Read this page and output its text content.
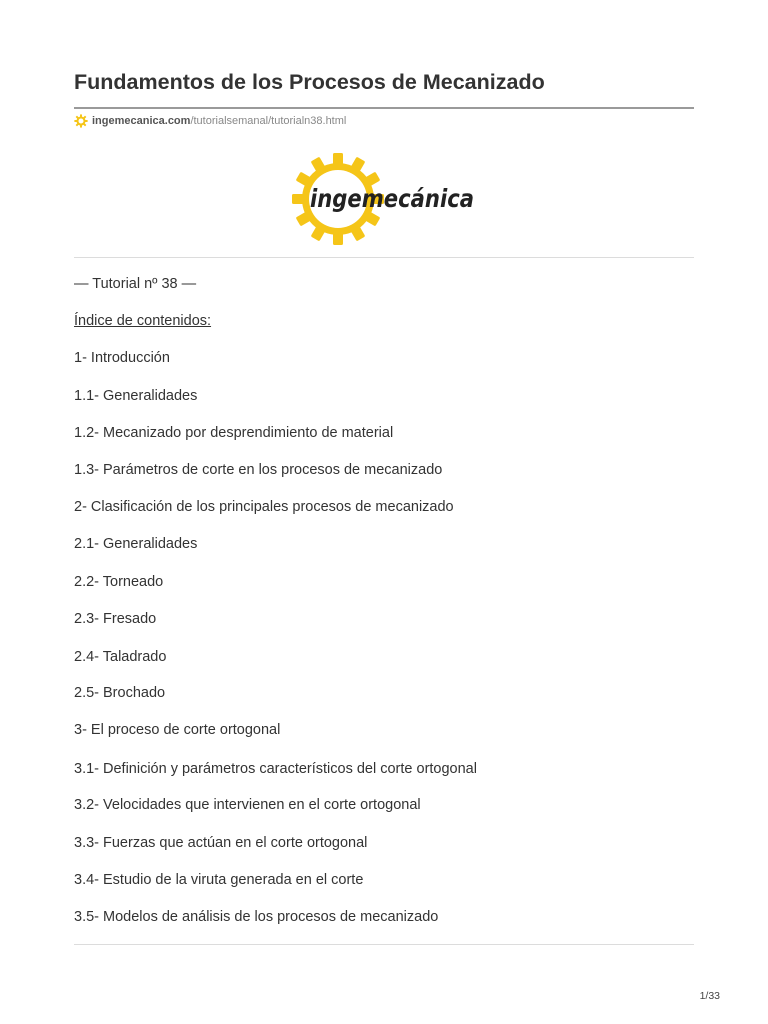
Fundamentos de los Procesos de Mecanizado
ingemecanica.com /tutorialsemanal/tutorialn38.html
ingemecánica
— Tutorial nº 38 —
Índice de contenidos:
1- Introducción
1.1- Generalidades
1.2- Mecanizado por desprendimiento de material
1.3- Parámetros de corte en los procesos de mecanizado
2- Clasificación de los principales procesos de mecanizado
2.1- Generalidades
2.2- Torneado
2.3- Fresado
2.4- Taladrado
2.5- Brochado
3- El proceso de corte ortogonal
3.1- Definición y parámetros característicos del corte ortogonal
3.2- Velocidades que intervienen en el corte ortogonal
3.3- Fuerzas que actúan en el corte ortogonal
3.4- Estudio de la viruta generada en el corte
3.5- Modelos de análisis de los procesos de mecanizado
1/33
